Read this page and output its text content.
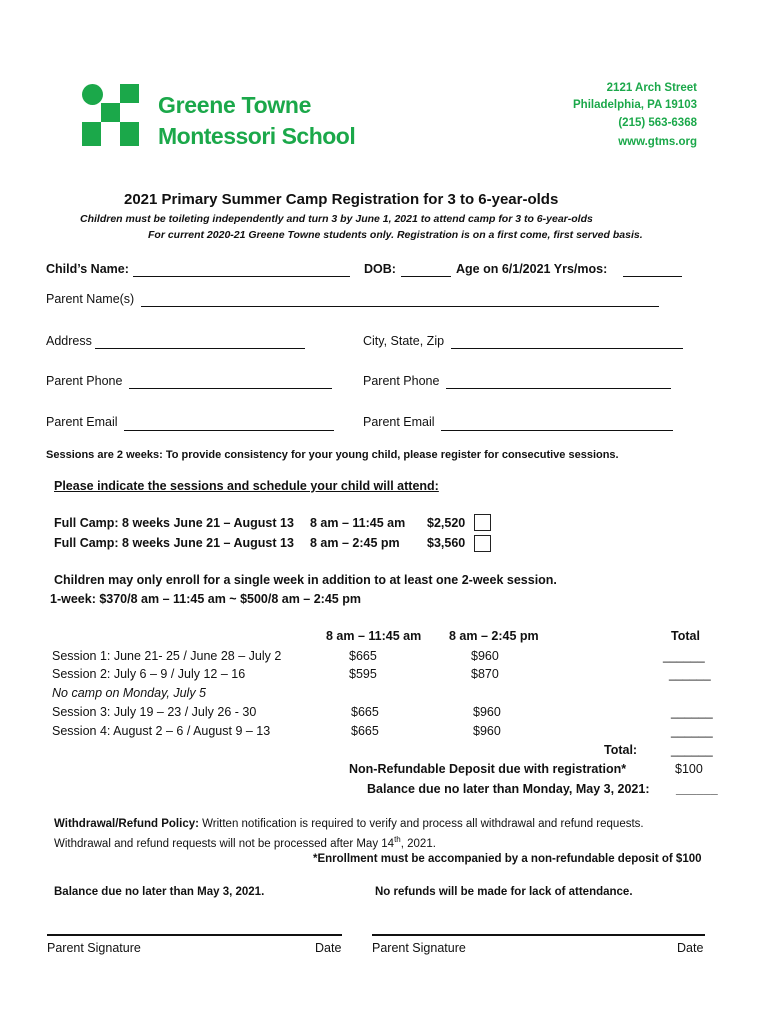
Greene Towne
Montessori School
2121 Arch Street
Philadelphia, PA 19103
(215) 563-6368
www.gtms.org
2021 Primary Summer Camp Registration for 3 to 6-year-olds
Children must be toileting independently and turn 3 by June 1, 2021 to attend camp for 3 to 6-year-olds
For current 2020-21 Greene Towne students only. Registration is on a first come, first served basis.
Child’s Name:	DOB:	Age on 6/1/2021 Yrs/mos:
Parent Name(s)
Address	City, State, Zip
Parent Phone	Parent Phone
Parent Email	Parent Email
Sessions are 2 weeks: To provide consistency for your young child, please register for consecutive sessions.
Please indicate the sessions and schedule your child will attend:
Full Camp: 8 weeks June 21 – August 13 8 am – 11:45 am $2,520
Full Camp: 8 weeks June 21 – August 13 8 am – 2:45 pm $3,560
Children may only enroll for a single week in addition to at least one 2-week session.
1-week: $370/8 am – 11:45 am ~ $500/8 am – 2:45 pm
8 am – 11:45 am 8 am – 2:45 pm	Total
Session 1: June 21- 25 / June 28 – July 2	$665	$960	______
Session 2: July 6 – 9 / July 12 – 16	$595	$870	______
No camp on Monday, July 5
Session 3: July 19 – 23 / July 26 - 30	$665	$960	______
Session 4: August 2 – 6 / August 9 – 13	$665	$960	______
Total:	______
Non-Refundable Deposit due with registration*	$100
Balance due no later than Monday, May 3, 2021: ______
Withdrawal/Refund Policy: Written notification is required to verify and process all withdrawal and refund requests.
Withdrawal and refund requests will not be processed after May 14th, 2021.
*Enrollment must be accompanied by a non-refundable deposit of $100
Balance due no later than May 3, 2021.	No refunds will be made for lack of attendance.
Parent Signature	Date Parent Signature	Date
